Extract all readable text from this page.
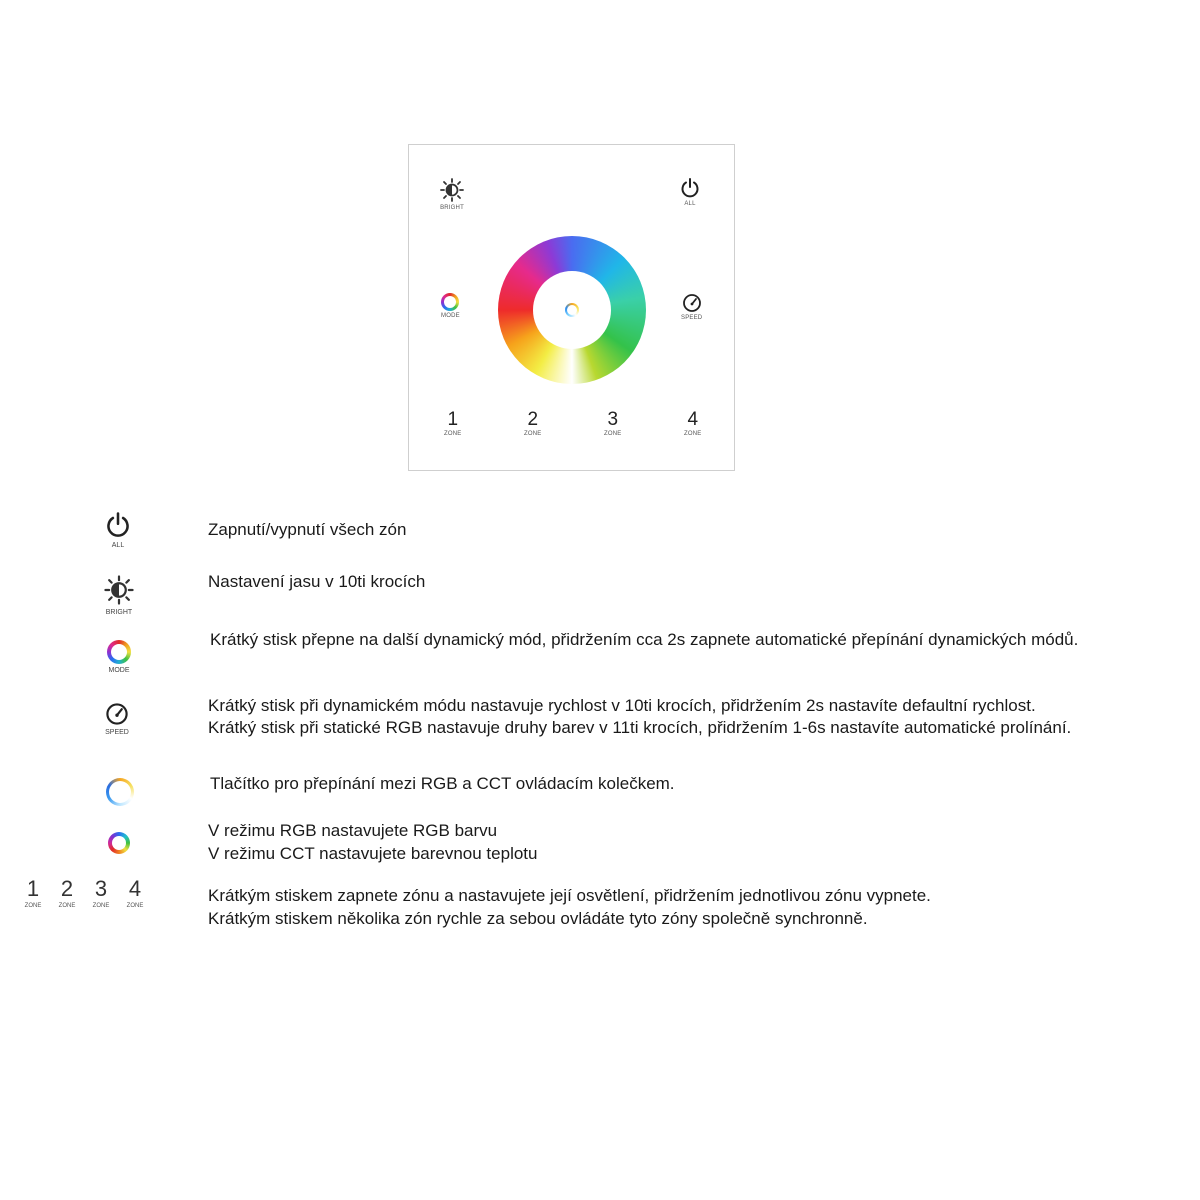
BRIGHT
ALL
MODE	SPEED
1
ZONE
2
ZONE
3
ZONE
4
ZONE
ALL
Zapnutí/vypnutí všech zón
BRIGHT
Nastavení jasu v 10ti krocích
MODE
Krátký stisk přepne na další dynamický mód, přidržením cca 2s zapnete automatické přepínání dynamických módů.
SPEED
Krátký stisk při dynamickém módu nastavuje rychlost v 10ti krocích, přidržením 2s nastavíte defaultní rychlost.
Krátký stisk při statické RGB nastavuje druhy barev v 11ti krocích, přidržením 1-6s nastavíte automatické prolínání.
Tlačítko pro přepínání mezi RGB a CCT ovládacím kolečkem.
V režimu RGB nastavujete RGB barvu
V režimu CCT nastavujete barevnou teplotu
1
ZONE
2
ZONE
3
ZONE
4
ZONE
Krátkým stiskem zapnete zónu a nastavujete její osvětlení, přidržením jednotlivou zónu vypnete.
Krátkým stiskem několika zón rychle za sebou ovládáte tyto zóny společně synchronně.
